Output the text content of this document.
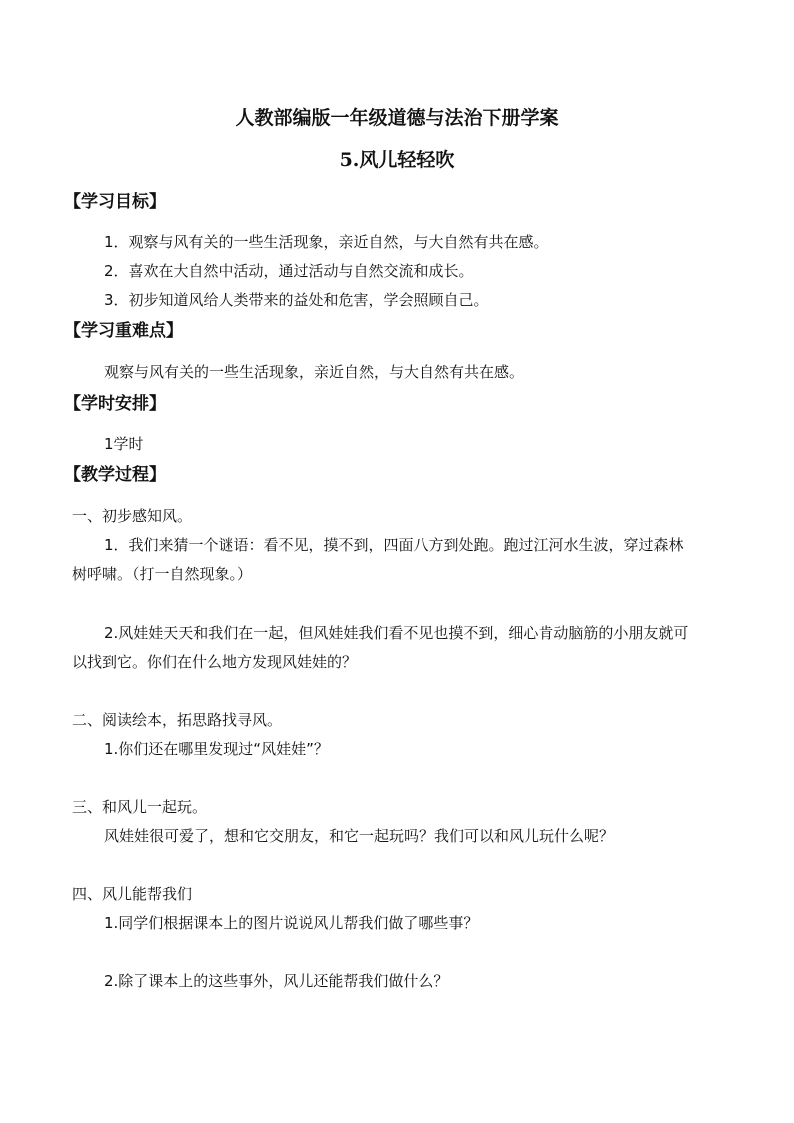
人教部编版一年级道德与法治下册学案
5.风儿轻轻吹
【学习目标】
1．观察与风有关的一些生活现象，亲近自然，与大自然有共在感。
2．喜欢在大自然中活动，通过活动与自然交流和成长。
3．初步知道风给人类带来的益处和危害，学会照顾自己。
【学习重难点】
观察与风有关的一些生活现象，亲近自然，与大自然有共在感。
【学时安排】
1学时
【教学过程】
一、初步感知风。
1．我们来猜一个谜语：看不见，摸不到，四面八方到处跑。跑过江河水生波，穿过森林
树呼啸。（打一自然现象。）
2.风娃娃天天和我们在一起，但风娃娃我们看不见也摸不到，细心肯动脑筋的小朋友就可
以找到它。你们在什么地方发现风娃娃的？
二、阅读绘本，拓思路找寻风。
1.你们还在哪里发现过“风娃娃”？
三、和风儿一起玩。
风娃娃很可爱了，想和它交朋友，和它一起玩吗？我们可以和风儿玩什么呢？
四、风儿能帮我们
1.同学们根据课本上的图片说说风儿帮我们做了哪些事？
2.除了课本上的这些事外，风儿还能帮我们做什么？
